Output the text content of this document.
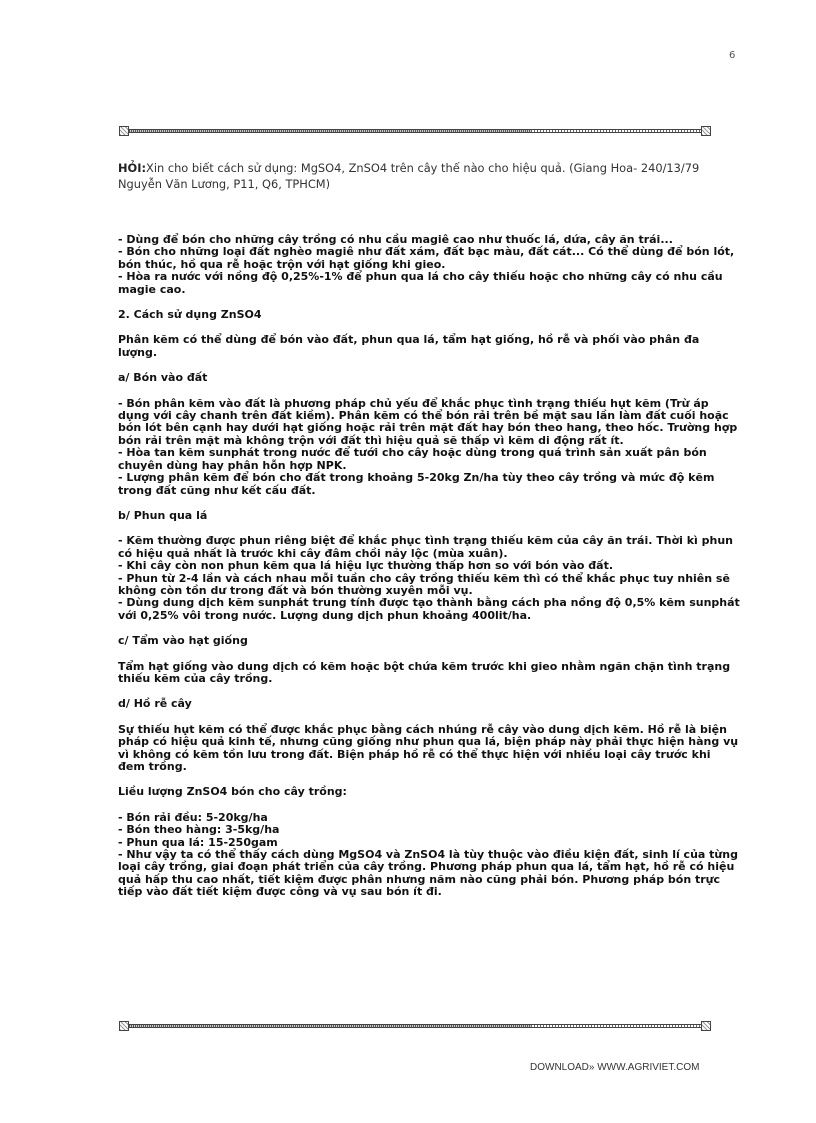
6
HỎI:Xin cho biết cách sử dụng: MgSO4, ZnSO4 trên cây thế nào cho hiệu quả. (Giang Hoa- 240/13/79 Nguyễn Văn Lương, P11, Q6, TPHCM)

- Dùng để bón cho những cây trồng có nhu cầu magiê cao như thuốc lá, dứa, cây ăn trái...
- Bón cho những loại đất nghèo magiê như đất xám, đất bạc màu, đất cát... Có thể dùng để bón lót, bón thúc, hồ qua rễ hoặc trộn với hạt giống khi gieo.
- Hòa ra nước với nồng độ 0,25%-1% để phun qua lá cho cây thiếu hoặc cho những cây có nhu cầu magie cao.

2. Cách sử dụng ZnSO4

Phân kẽm có thể dùng để bón vào đất, phun qua lá, tẩm hạt giống, hồ rễ và phối vào phân đa lượng.

a/ Bón vào đất

- Bón phân kẽm vào đất là phương pháp chủ yếu để khắc phục tình trạng thiếu hụt kẽm (Trừ áp dụng với cây chanh trên đất kiềm). Phân kẽm có thể bón rải trên bề mặt sau lần làm đất cuối hoặc bón lót bên cạnh hay dưới hạt giống hoặc rải trên mặt đất hay bón theo hang, theo hốc. Trường hợp bón rải trên mặt mà không trộn với đất thì hiệu quả sẽ thấp vì kẽm di động rất ít.
- Hòa tan kẽm sunphát trong nước để tưới cho cây hoặc dùng trong quá trình sản xuất pân bón chuyên dùng hay phân hỗn hợp NPK.
- Lượng phân kẽm để bón cho đất trong khoảng 5-20kg Zn/ha tùy theo cây trồng và mức độ kẽm trong đất cũng như kết cấu đất.

b/ Phun qua lá

- Kẽm thường được phun riêng biệt để khắc phục tình trạng thiếu kẽm của cây ăn trái. Thời kì phun có hiệu quả nhất là trước khi cây đâm chồi nảy lộc (mùa xuân).
- Khi cây còn non phun kẽm qua lá hiệu lực thường thấp hơn so với bón vào đất.
- Phun từ 2-4 lần và cách nhau mỗi tuần cho cây trồng thiếu kẽm thì có thể khắc phục tuy nhiên sẽ không còn tồn dư trong đất và bón thường xuyên mỗi vụ.
- Dùng dung dịch kẽm sunphát trung tính được tạo thành bằng cách pha nồng độ 0,5% kẽm sunphát với 0,25% vôi trong nước. Lượng dung dịch phun khoảng 400lit/ha.

c/ Tẩm vào hạt giống

Tẩm hạt giống vào dung dịch có kẽm hoặc bột chứa kẽm trước khi gieo nhằm ngăn chặn tình trạng thiếu kẽm của cây trồng.

d/ Hồ rễ cây

Sự thiếu hụt kẽm có thể được khắc phục bằng cách nhúng rễ cây vào dung dịch kẽm. Hồ rễ là biện pháp có hiệu quả kinh tế, nhưng cũng giống như phun qua lá, biện pháp này phải thực hiện hàng vụ vì không có kẽm tồn lưu trong đất. Biện pháp hồ rễ có thể thực hiện với nhiều loại cây trước khi đem trồng.

Liều lượng ZnSO4 bón cho cây trồng:

- Bón rải đều: 5-20kg/ha
- Bón theo hàng: 3-5kg/ha
- Phun qua lá: 15-250gam
- Như vậy ta có thể thấy cách dùng MgSO4 và ZnSO4 là tùy thuộc vào điều kiện đất, sinh lí của từng loại cây trồng, giai đoạn phát triển của cây trồng. Phương pháp phun qua lá, tẩm hạt, hồ rễ có hiệu quả hấp thu cao nhất, tiết kiệm được phân nhưng năm nào cũng phải bón. Phương pháp bón trực tiếp vào đất tiết kiệm được công và vụ sau bón ít đi.

DOWNLOAD» WWW.AGRIVIET.COM
